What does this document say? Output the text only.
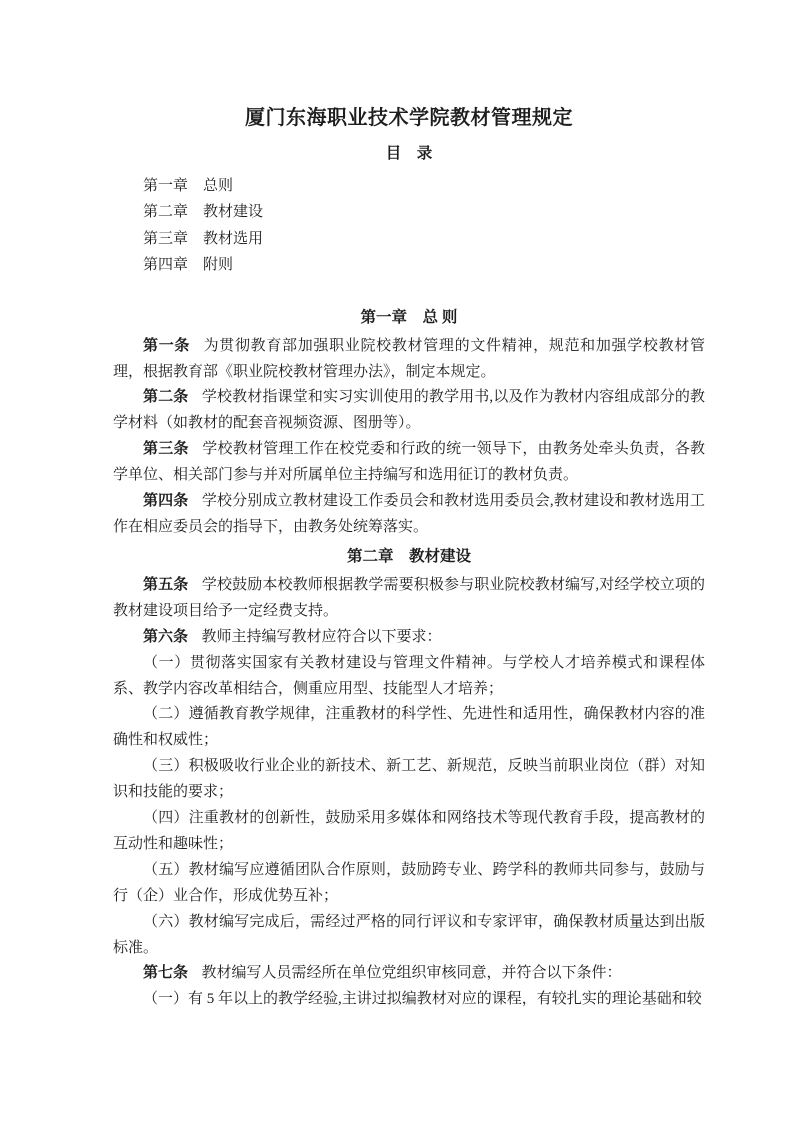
厦门东海职业技术学院教材管理规定
目　录
第一章　总则
第二章　教材建设
第三章　教材选用
第四章　附则
第一章　总 则

第一条 为贯彻教育部加强职业院校教材管理的文件精神，规范和加强学校教材管理，根据教育部《职业院校教材管理办法》，制定本规定。

第二条 学校教材指课堂和实习实训使用的教学用书,以及作为教材内容组成部分的教学材料（如教材的配套音视频资源、图册等）。

第三条 学校教材管理工作在校党委和行政的统一领导下，由教务处牵头负责，各教学单位、相关部门参与并对所属单位主持编写和选用征订的教材负责。

第四条 学校分别成立教材建设工作委员会和教材选用委员会,教材建设和教材选用工作在相应委员会的指导下，由教务处统筹落实。

第二章　教材建设

第五条 学校鼓励本校教师根据教学需要积极参与职业院校教材编写,对经学校立项的教材建设项目给予一定经费支持。

第六条 教师主持编写教材应符合以下要求：

（一）贯彻落实国家有关教材建设与管理文件精神。与学校人才培养模式和课程体系、教学内容改革相结合，侧重应用型、技能型人才培养；

（二）遵循教育教学规律，注重教材的科学性、先进性和适用性，确保教材内容的准确性和权威性；

（三）积极吸收行业企业的新技术、新工艺、新规范，反映当前职业岗位（群）对知识和技能的要求；

（四）注重教材的创新性，鼓励采用多媒体和网络技术等现代教育手段，提高教材的互动性和趣味性；

（五）教材编写应遵循团队合作原则，鼓励跨专业、跨学科的教师共同参与，鼓励与行（企）业合作，形成优势互补；

（六）教材编写完成后，需经过严格的同行评议和专家评审，确保教材质量达到出版标准。

第七条 教材编写人员需经所在单位党组织审核同意，并符合以下条件：

（一）有 5 年以上的教学经验,主讲过拟编教材对应的课程，有较扎实的理论基础和较
